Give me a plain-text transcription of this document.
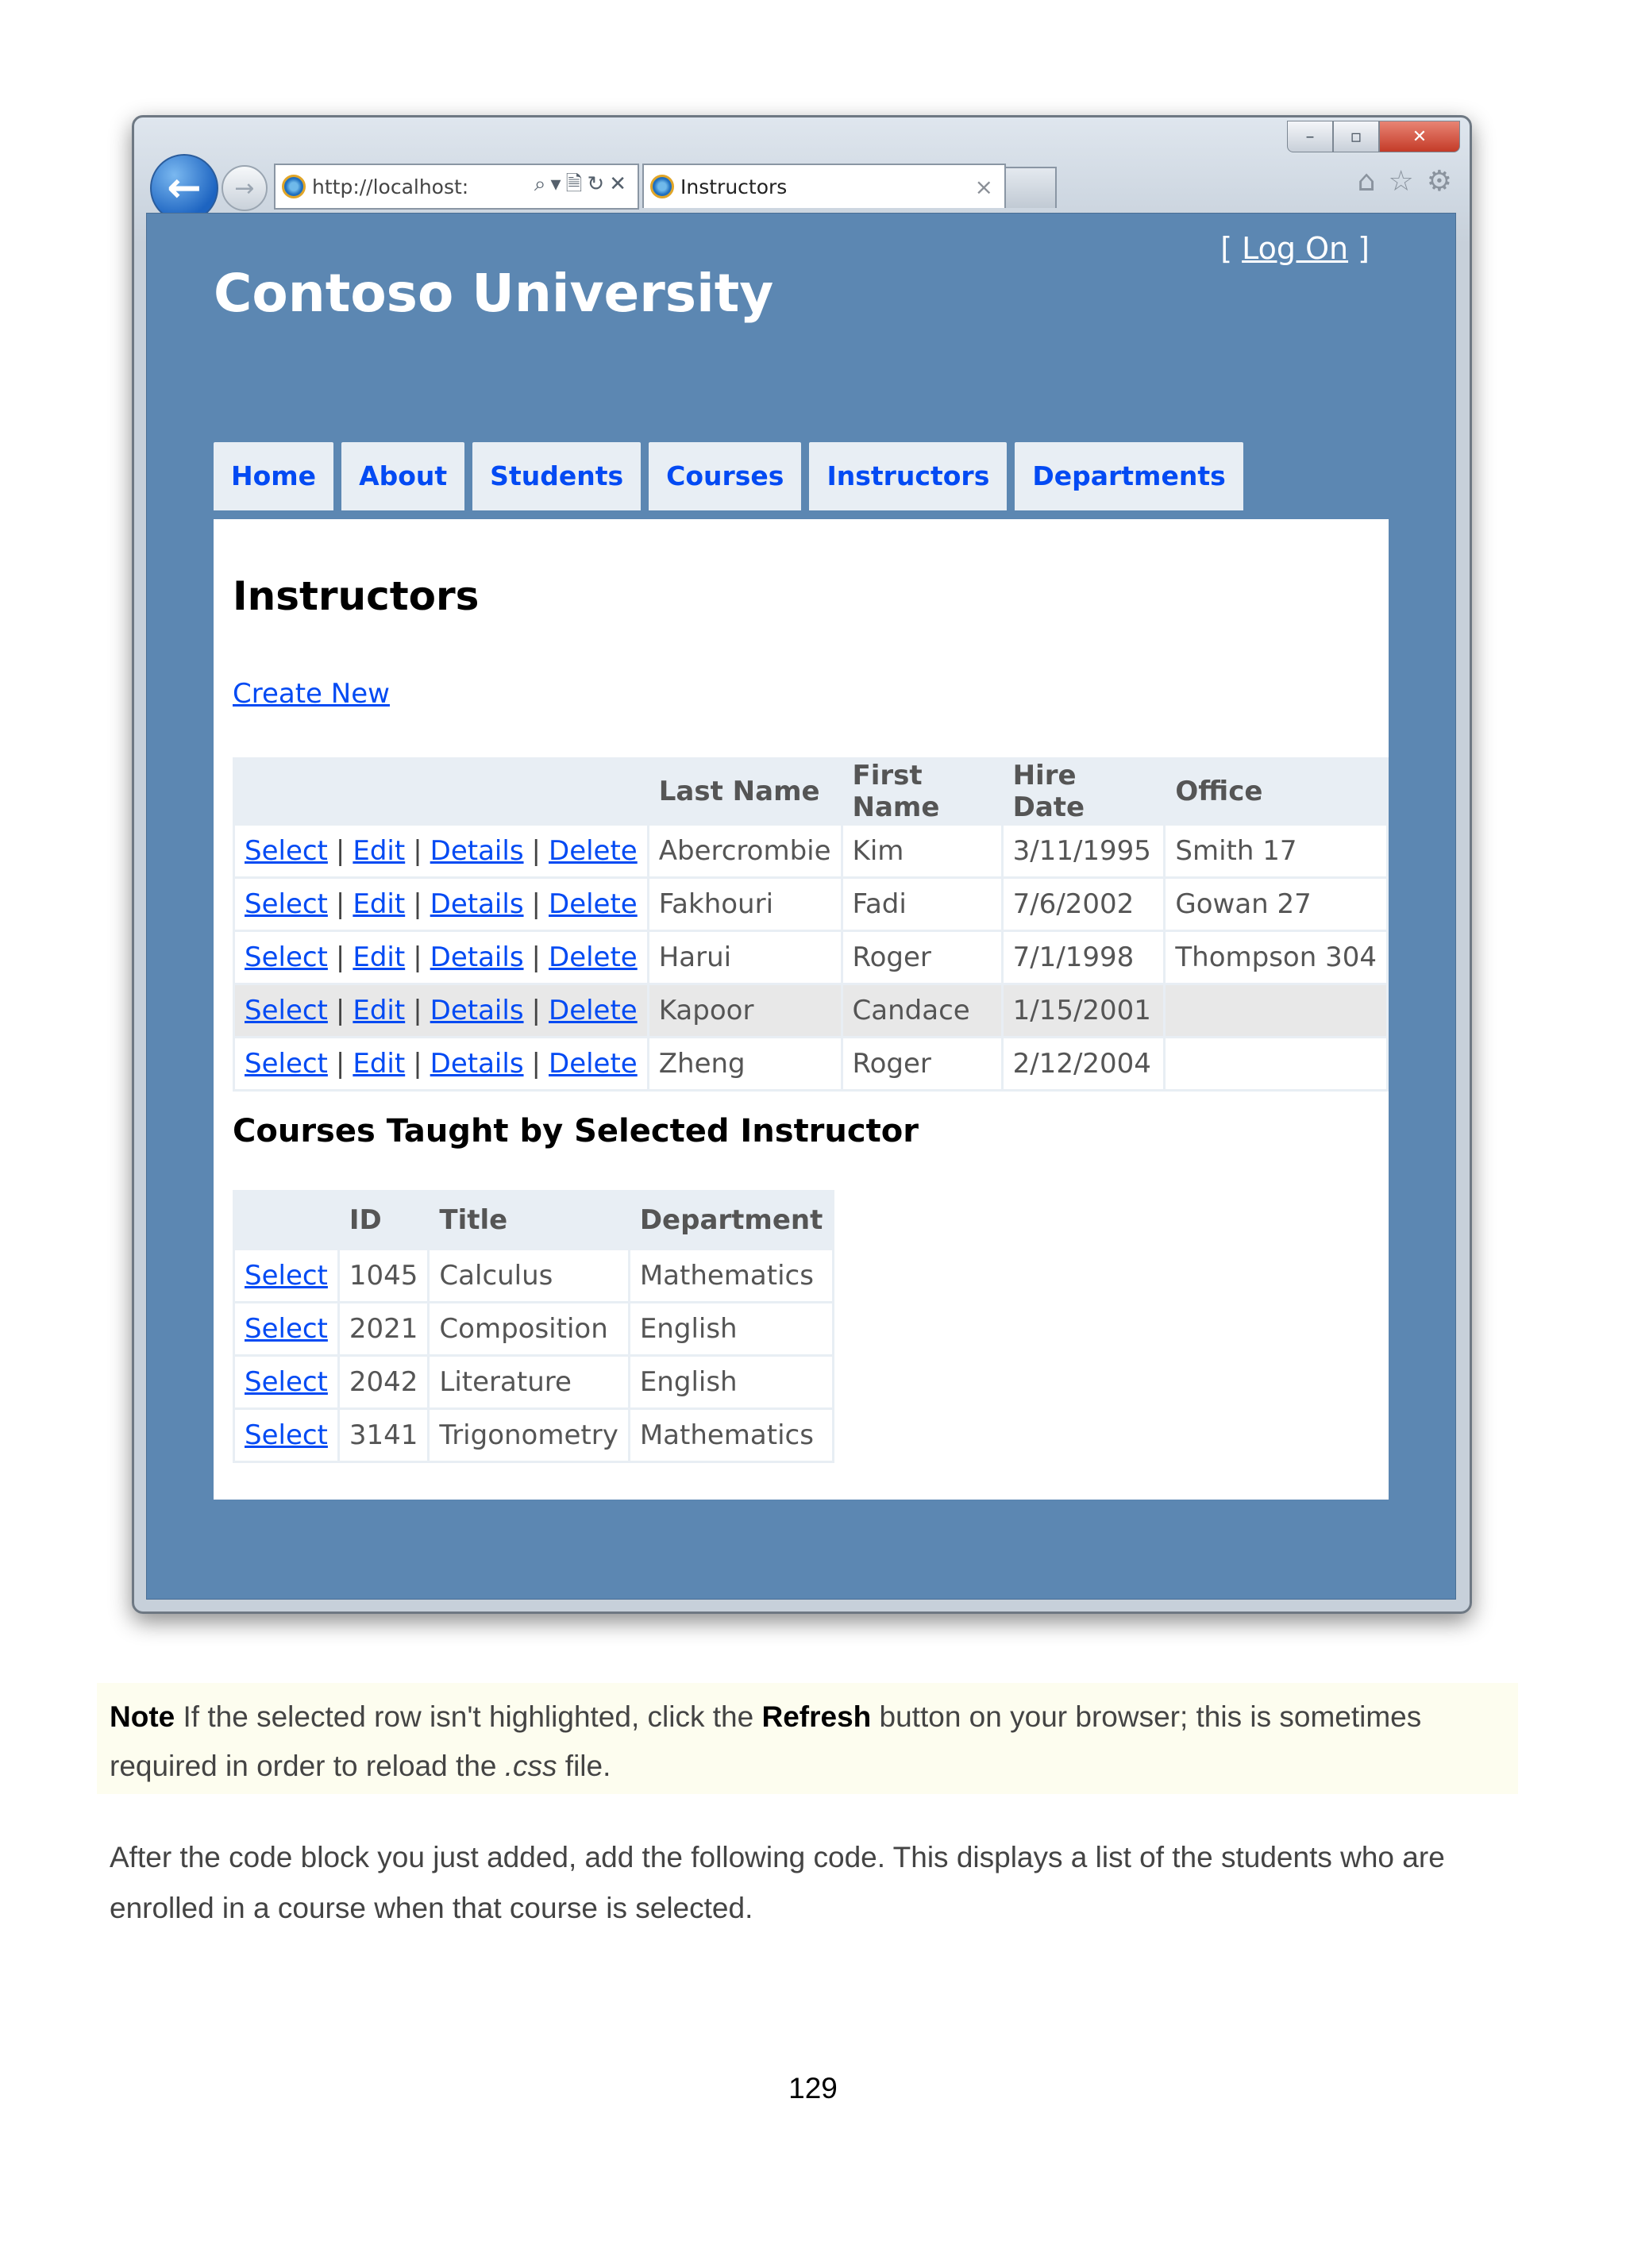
–	▫	✕
←	→	http://localhost:	⌕▾🗎↻✕	Instructors	×	⌂ ☆ ⚙
[ Log On ]
Contoso University
Home	About	Students	Courses	Instructors	Departments
Instructors
Create New
	Last Name	First Name	Hire Date	Office
Select | Edit | Details | Delete	Abercrombie	Kim	3/11/1995	Smith 17
Select | Edit | Details | Delete	Fakhouri	Fadi	7/6/2002	Gowan 27
Select | Edit | Details | Delete	Harui	Roger	7/1/1998	Thompson 304
Select | Edit | Details | Delete	Kapoor	Candace	1/15/2001	
Select | Edit | Details | Delete	Zheng	Roger	2/12/2004	
Courses Taught by Selected Instructor
	ID	Title	Department
Select	1045	Calculus	Mathematics
Select	2021	Composition	English
Select	2042	Literature	English
Select	3141	Trigonometry	Mathematics
Note If the selected row isn't highlighted, click the Refresh button on your browser; this is sometimes required in order to reload the .css file.
After the code block you just added, add the following code. This displays a list of the students who are enrolled in a course when that course is selected.
129
